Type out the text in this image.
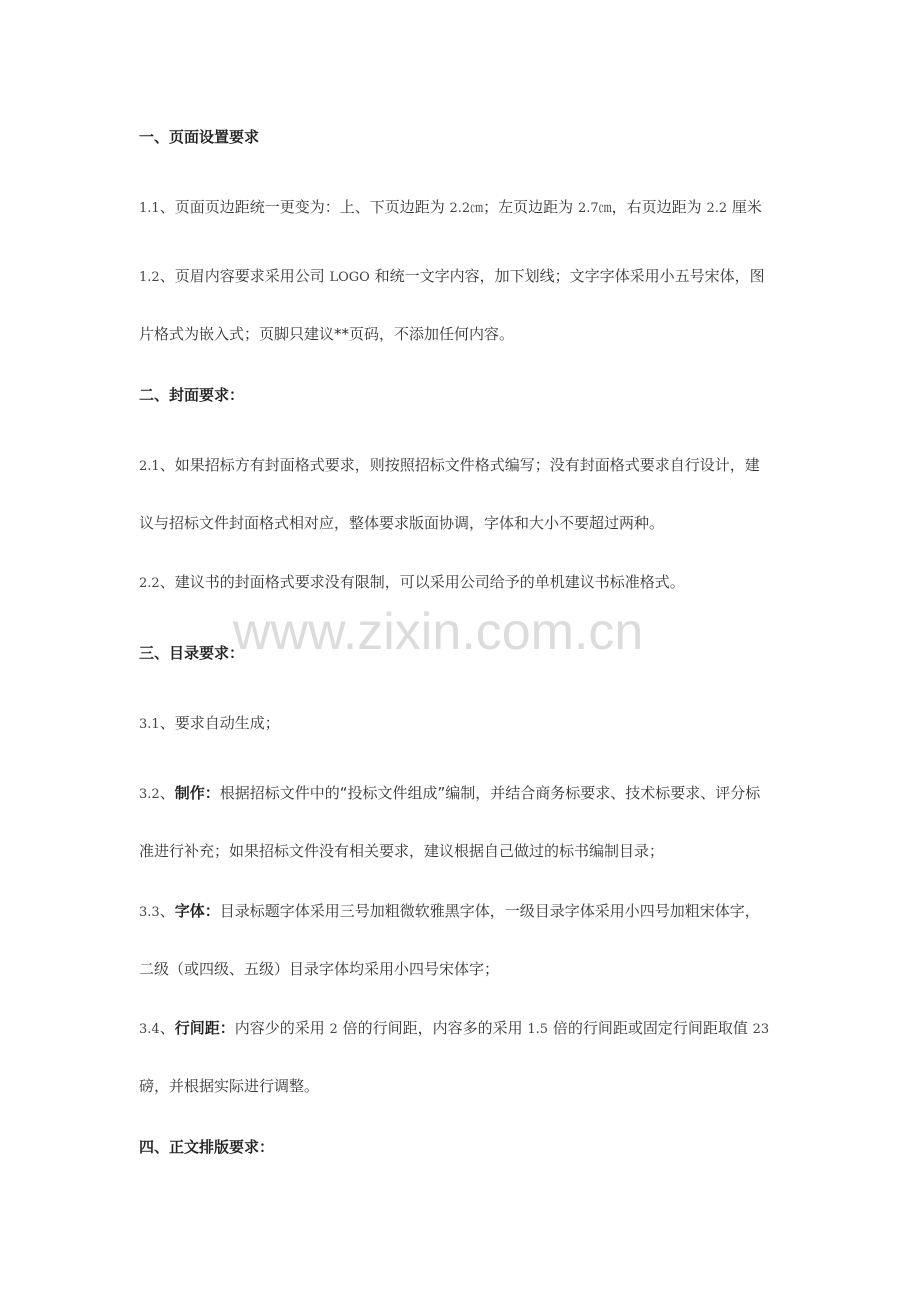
一、页面设置要求
1.1、页面页边距统一更变为：上、下页边距为 2.2㎝；左页边距为 2.7㎝，右页边距为 2.2 厘米
1.2、页眉内容要求采用公司 LOGO 和统一文字内容，加下划线；文字字体采用小五号宋体，图
片格式为嵌入式；页脚只建议**页码，不添加任何内容。
二、封面要求：
2.1、如果招标方有封面格式要求，则按照招标文件格式编写；没有封面格式要求自行设计，建
议与招标文件封面格式相对应，整体要求版面协调，字体和大小不要超过两种。
2.2、建议书的封面格式要求没有限制，可以采用公司给予的单机建议书标准格式。
www.zixin.com.cn
三、目录要求：
3.1、要求自动生成；
3.2、制作：根据招标文件中的“投标文件组成”编制，并结合商务标要求、技术标要求、评分标
准进行补充；如果招标文件没有相关要求，建议根据自己做过的标书编制目录；
3.3、字体：目录标题字体采用三号加粗微软雅黑字体，一级目录字体采用小四号加粗宋体字，
二级（或四级、五级）目录字体均采用小四号宋体字；
3.4、行间距：内容少的采用 2 倍的行间距，内容多的采用 1.5 倍的行间距或固定行间距取值 23
磅，并根据实际进行调整。
四、正文排版要求：
